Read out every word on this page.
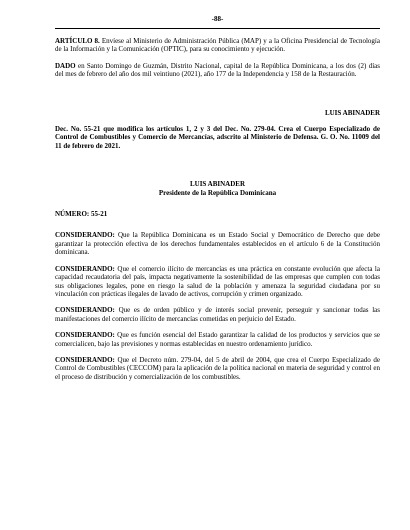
-88-

ARTÍCULO 8. Envíese al Ministerio de Administración Pública (MAP) y a la Oficina Presidencial de Tecnología de la Información y la Comunicación (OPTIC), para su conocimiento y ejecución.

DADO en Santo Domingo de Guzmán, Distrito Nacional, capital de la República Dominicana, a los dos (2) días del mes de febrero del año dos mil veintiuno (2021), año 177 de la Independencia y 158 de la Restauración.

LUIS ABINADER

Dec. No. 55-21 que modifica los artículos 1, 2 y 3 del Dec. No. 279-04. Crea el Cuerpo Especializado de Control de Combustibles y Comercio de Mercancías, adscrito al Ministerio de Defensa. G. O. No. 11009 del 11 de febrero de 2021.

LUIS ABINADER

Presidente de la República Dominicana

NÚMERO: 55-21

CONSIDERANDO: Que la República Dominicana es un Estado Social y Democrático de Derecho que debe garantizar la protección efectiva de los derechos fundamentales establecidos en el artículo 6 de la Constitución dominicana.

CONSIDERANDO: Que el comercio ilícito de mercancías es una práctica en constante evolución que afecta la capacidad recaudatoria del país, impacta negativamente la sostenibilidad de las empresas que cumplen con todas sus obligaciones legales, pone en riesgo la salud de la población y amenaza la seguridad ciudadana por su vinculación con prácticas ilegales de lavado de activos, corrupción y crimen organizado.

CONSIDERANDO: Que es de orden público y de interés social prevenir, perseguir y sancionar todas las manifestaciones del comercio ilícito de mercancías cometidas en perjuicio del Estado.

CONSIDERANDO: Que es función esencial del Estado garantizar la calidad de los productos y servicios que se comercialicen, bajo las previsiones y normas establecidas en nuestro ordenamiento jurídico.

CONSIDERANDO: Que el Decreto núm. 279-04, del 5 de abril de 2004, que crea el Cuerpo Especializado de Control de Combustibles (CECCOM) para la aplicación de la política nacional en materia de seguridad y control en el proceso de distribución y comercialización de los combustibles.
